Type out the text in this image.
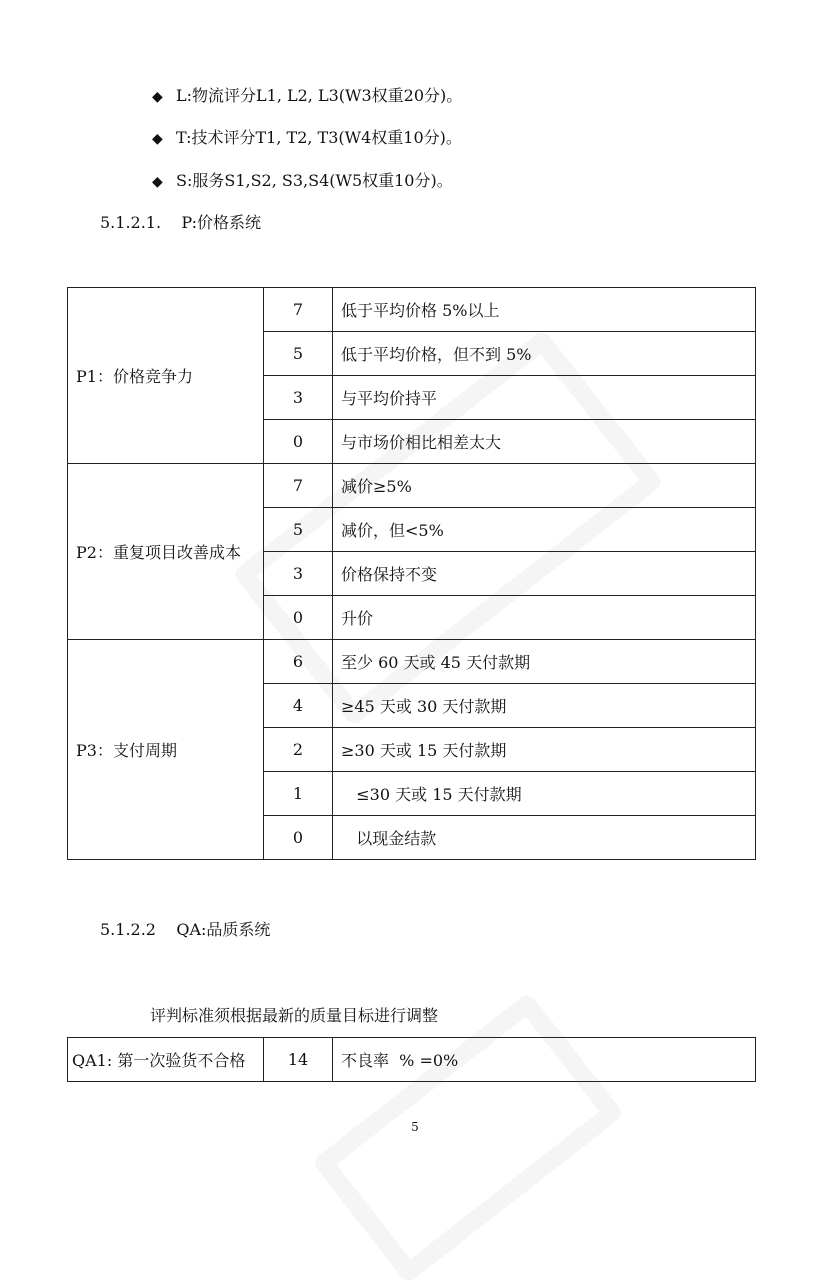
◆ L:物流评分L1, L2, L3(W3权重20分)。
◆ T:技术评分T1, T2, T3(W4权重10分)。
◆ S:服务S1,S2, S3,S4(W5权重10分)。
5.1.2.1.    P:价格系统
P1：价格竞争力	7	低于平均价格 5%以上
	5	低于平均价格，但不到 5%
	3	与平均价持平
	0	与市场价相比相差太大
P2：重复项目改善成本	7	减价≥5%
	5	减价，但<5%
	3	价格保持不变
	0	升价
P3：支付周期	6	至少 60 天或 45 天付款期
	4	≥45 天或 30 天付款期
	2	≥30 天或 15 天付款期
	1	≤30 天或 15 天付款期
	0	以现金结款
5.1.2.2    QA:品质系统
评判标准须根据最新的质量目标进行调整
QA1: 第一次验货不合格	14	不良率  % =0%
5
